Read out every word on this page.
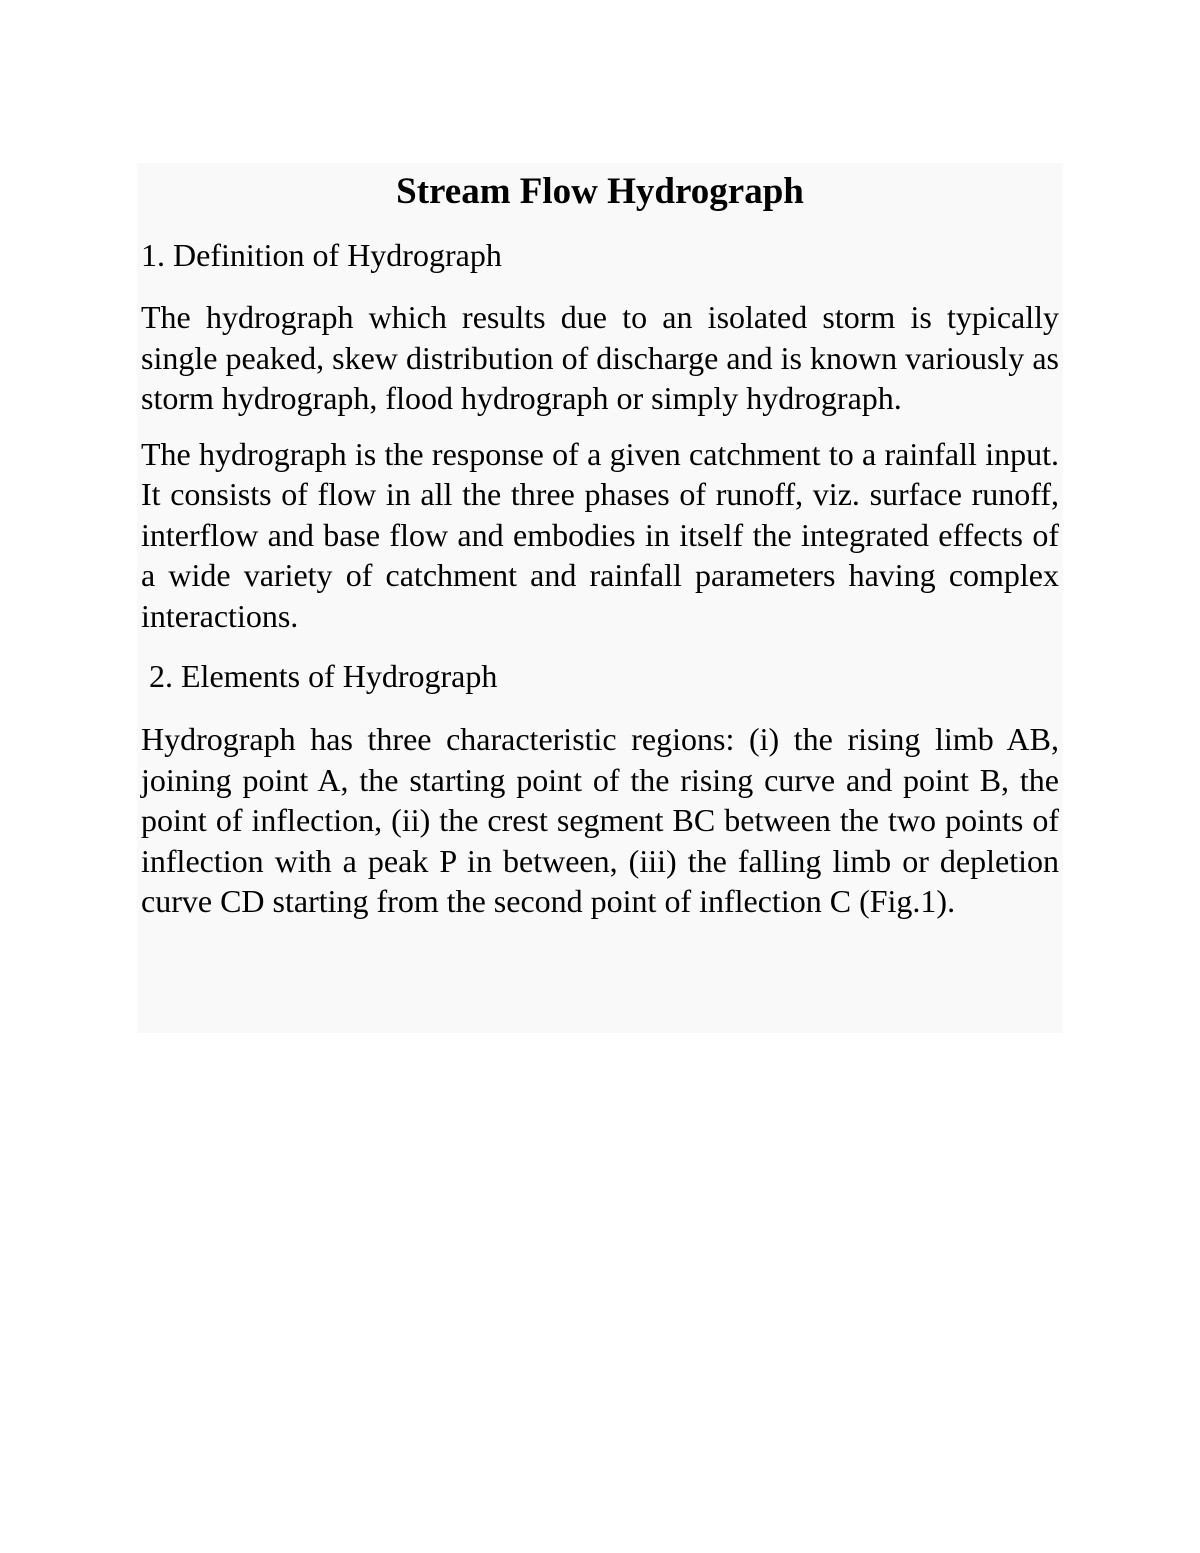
Stream Flow Hydrograph

1. Definition of Hydrograph

The hydrograph which results due to an isolated storm is typically single peaked, skew distribution of discharge and is known variously as storm hydrograph, flood hydrograph or simply hydrograph.

The hydrograph is the response of a given catchment to a rainfall input. It consists of flow in all the three phases of runoff, viz. surface runoff, interflow and base flow and embodies in itself the integrated effects of a wide variety of catchment and rainfall parameters having complex interactions.

2. Elements of Hydrograph

Hydrograph has three characteristic regions: (i) the rising limb AB, joining point A, the starting point of the rising curve and point B, the point of inflection, (ii) the crest segment BC between the two points of inflection with a peak P in between, (iii) the falling limb or depletion curve CD starting from the second point of inflection C (Fig.1).
